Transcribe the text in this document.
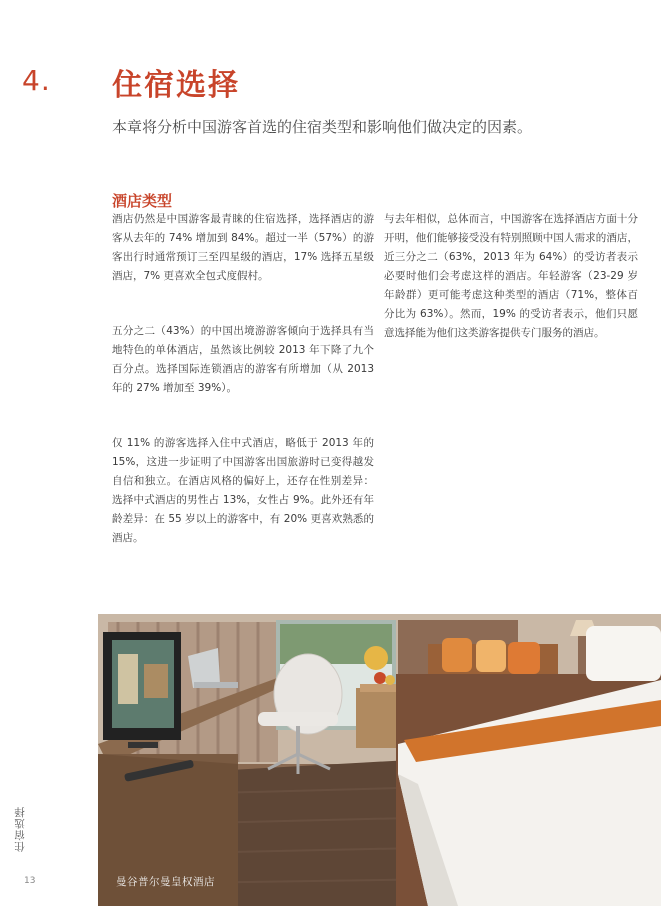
4. 住宿选择

本章将分析中国游客首选的住宿类型和影响他们做决定的因素。

酒店类型

酒店仍然是中国游客最青睐的住宿选择，选择酒店的游客从去年的 74% 增加到 84%。超过一半（57%）的游客出行时通常预订三至四星级的酒店，17% 选择五星级酒店，7% 更喜欢全包式度假村。

五分之二（43%）的中国出境游游客倾向于选择具有当地特色的单体酒店，虽然该比例较 2013 年下降了九个百分点。选择国际连锁酒店的游客有所增加（从 2013 年的 27% 增加至 39%）。

仅 11% 的游客选择入住中式酒店，略低于 2013 年的 15%，这进一步证明了中国游客出国旅游时已变得越发自信和独立。在酒店风格的偏好上，还存在性别差异：选择中式酒店的男性占 13%，女性占 9%。此外还有年龄差异：在 55 岁以上的游客中，有 20% 更喜欢熟悉的酒店。

与去年相似，总体而言，中国游客在选择酒店方面十分开明，他们能够接受没有特别照顾中国人需求的酒店，近三分之二（63%，2013 年为 64%）的受访者表示必要时他们会考虑这样的酒店。年轻游客（23-29 岁年龄群）更可能考虑这种类型的酒店（71%，整体百分比为 63%）。然而，19% 的受访者表示，他们只愿意选择能为他们这类游客提供专门服务的酒店。

曼谷普尔曼皇权酒店
住宿选择
13
